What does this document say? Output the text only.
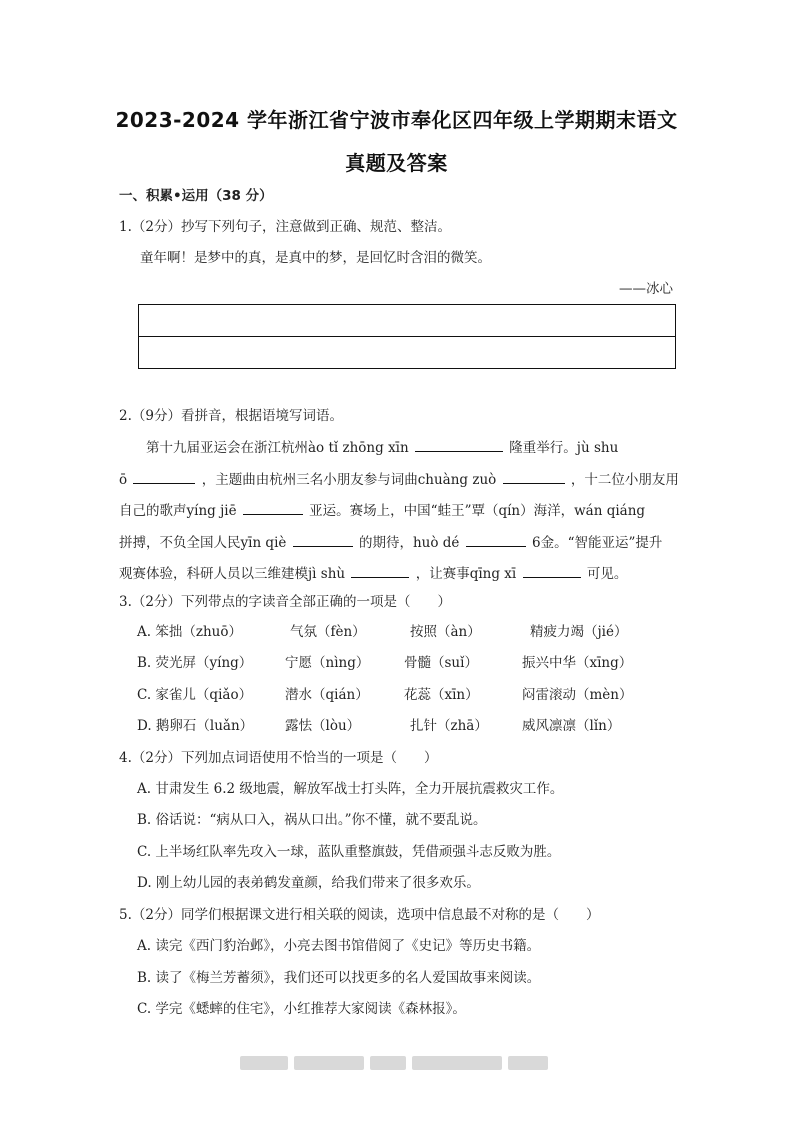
2023-2024 学年浙江省宁波市奉化区四年级上学期期末语文
真题及答案
一、积累•运用（38 分）
1.（2分）抄写下列句子，注意做到正确、规范、整洁。
童年啊！是梦中的真，是真中的梦，是回忆时含泪的微笑。
——冰心
2.（9分）看拼音，根据语境写词语。
第十九届亚运会在浙江杭州ào tǐ zhōng xīn	隆重举行。jù shu
ō	，主题曲由杭州三名小朋友参与词曲chuàng zuò	，十二位小朋友用
自己的歌声yíng jiē	亚运。赛场上，中国“蛙王”覃（qín）海洋，wán qiáng
拼搏，不负全国人民yīn qiè	的期待，huò dé	6金。“智能亚运”提升
观赛体验，科研人员以三维建模jì shù	，让赛事qīng xī	可见。
3.（2分）下列带点的字读音全部正确的一项是（　　）
A. 笨拙（zhuō）	气氛（fèn）	按照（àn）	精疲力竭（jié）
B. 荧光屏（yíng） 宁愿（nìng）	骨髓（suǐ）	振兴中华（xīng）
C. 家雀儿（qiǎo） 潜水（qián）	花蕊（xīn）	闷雷滚动（mèn）
D. 鹅卵石（luǎn） 露怯（lòu）	扎针（zhā）	威风凛凛（lǐn）
4.（2分）下列加点词语使用不恰当的一项是（　　）
A. 甘肃发生 6.2 级地震，解放军战士打头阵，全力开展抗震救灾工作。
B. 俗话说：“病从口入，祸从口出。”你不懂，就不要乱说。
C. 上半场红队率先攻入一球，蓝队重整旗鼓，凭借顽强斗志反败为胜。
D. 刚上幼儿园的表弟鹤发童颜，给我们带来了很多欢乐。
5.（2分）同学们根据课文进行相关联的阅读，选项中信息最不对称的是（　　）
A. 读完《西门豹治邺》，小亮去图书馆借阅了《史记》等历史书籍。
B. 读了《梅兰芳蓄须》，我们还可以找更多的名人爱国故事来阅读。
C. 学完《蟋蟀的住宅》，小红推荐大家阅读《森林报》。
